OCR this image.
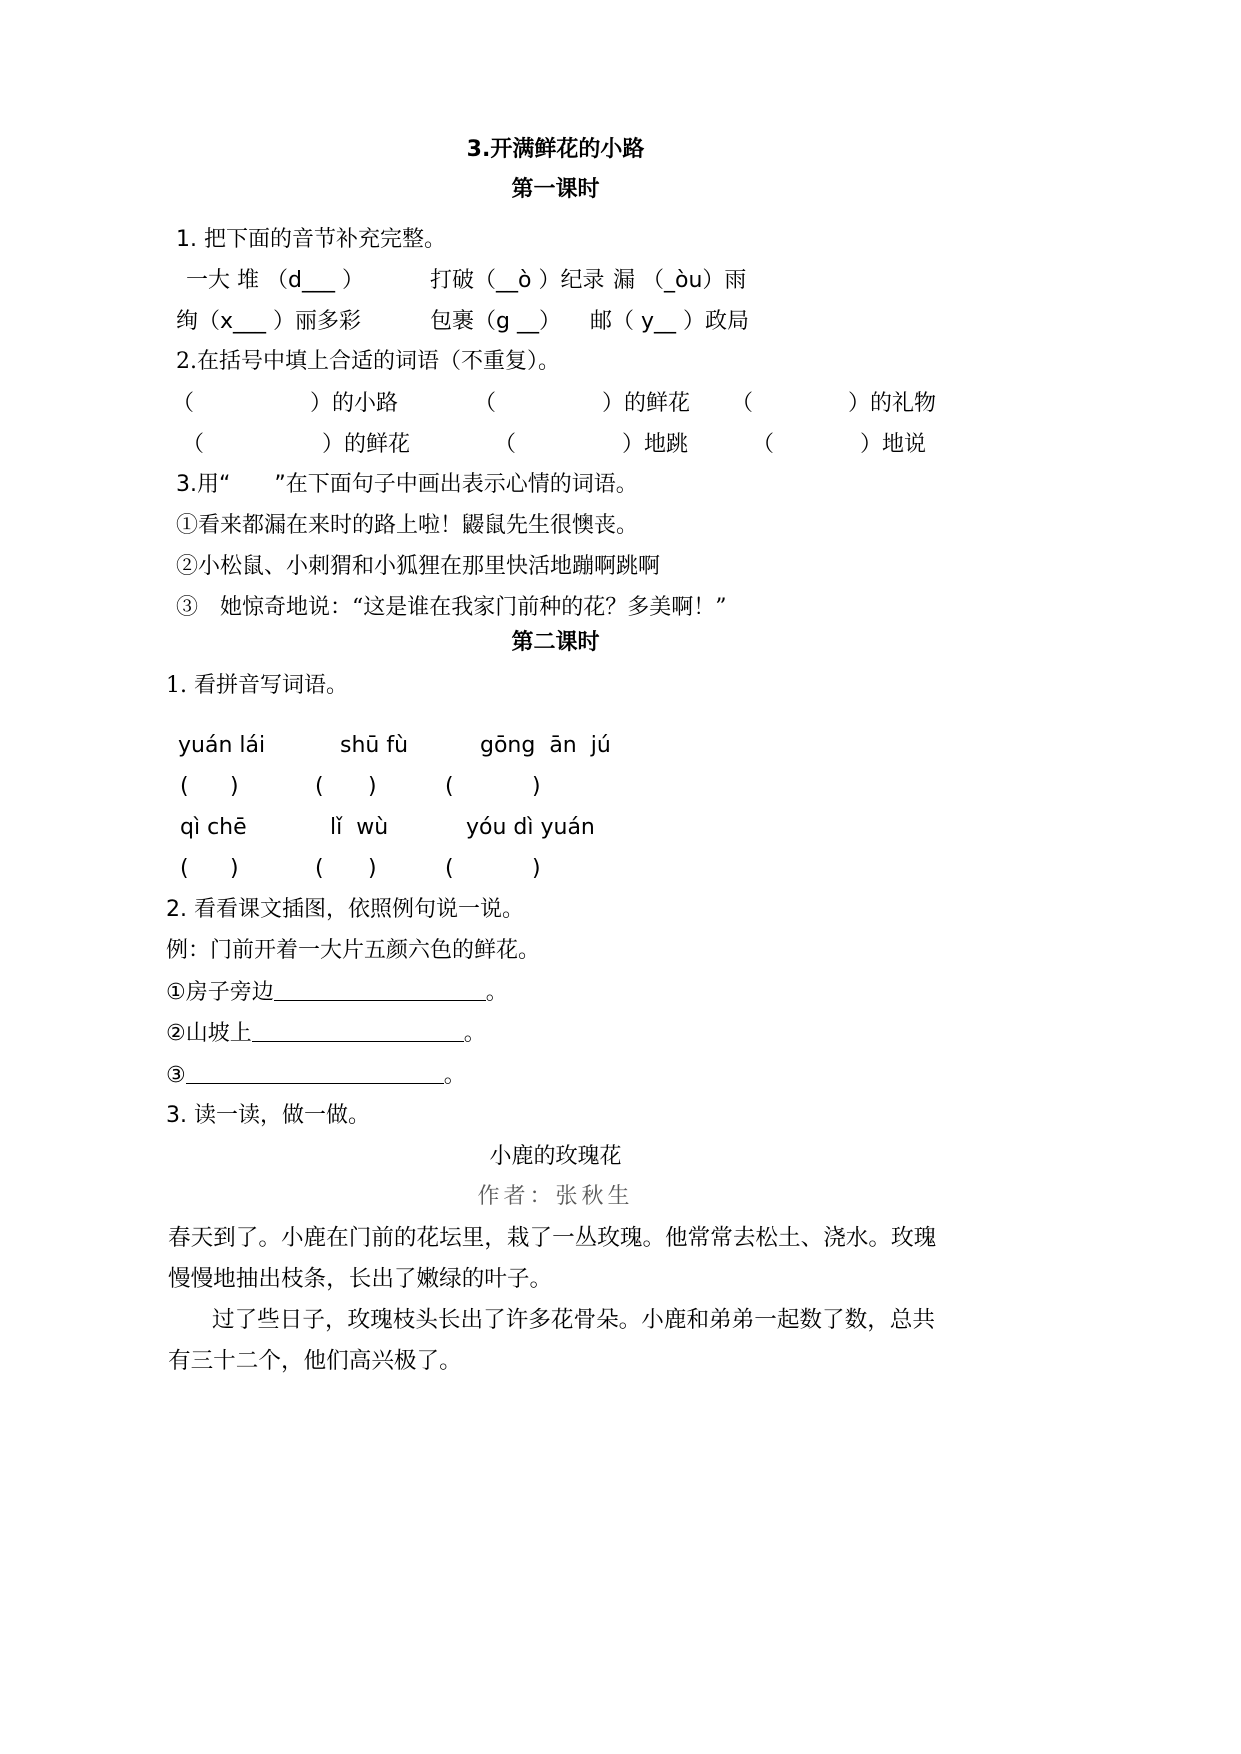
3.开满鲜花的小路
第一课时
1. 把下面的音节补充完整。
一大 堆 （d___ ）	打破（__ò ）纪录 漏 （_òu）雨
绚（x___ ）丽多彩	包裹（g __） 邮（ y__ ）政局
2.在括号中填上合适的词语（不重复）。
（	）的小路	（	）的鲜花 （	）的礼物
（	）的鲜花	（	）地跳	（	）地说
3.用“　　”在下面句子中画出表示心情的词语。
①看来都漏在来时的路上啦！鼹鼠先生很懊丧。
②小松鼠、小刺猬和小狐狸在那里快活地蹦啊跳啊
③　她惊奇地说：“这是谁在我家门前种的花？多美啊！”
第二课时
1. 看拼音写词语。
yuán lái	shū fù	gōng  ān  jú
( )	( )	(	)
qì chē	lǐ  wù	yóu dì yuán
( )	( )	(	)
2. 看看课文插图，依照例句说一说。
例：门前开着一大片五颜六色的鲜花。
①房子旁边	。
②山坡上	。
③	。
3. 读一读，做一做。
小鹿的玫瑰花
作者：张秋生
春天到了。小鹿在门前的花坛里，栽了一丛玫瑰。他常常去松土、浇水。玫瑰
慢慢地抽出枝条，长出了嫩绿的叶子。
过了些日子，玫瑰枝头长出了许多花骨朵。小鹿和弟弟一起数了数，总共
有三十二个，他们高兴极了。
